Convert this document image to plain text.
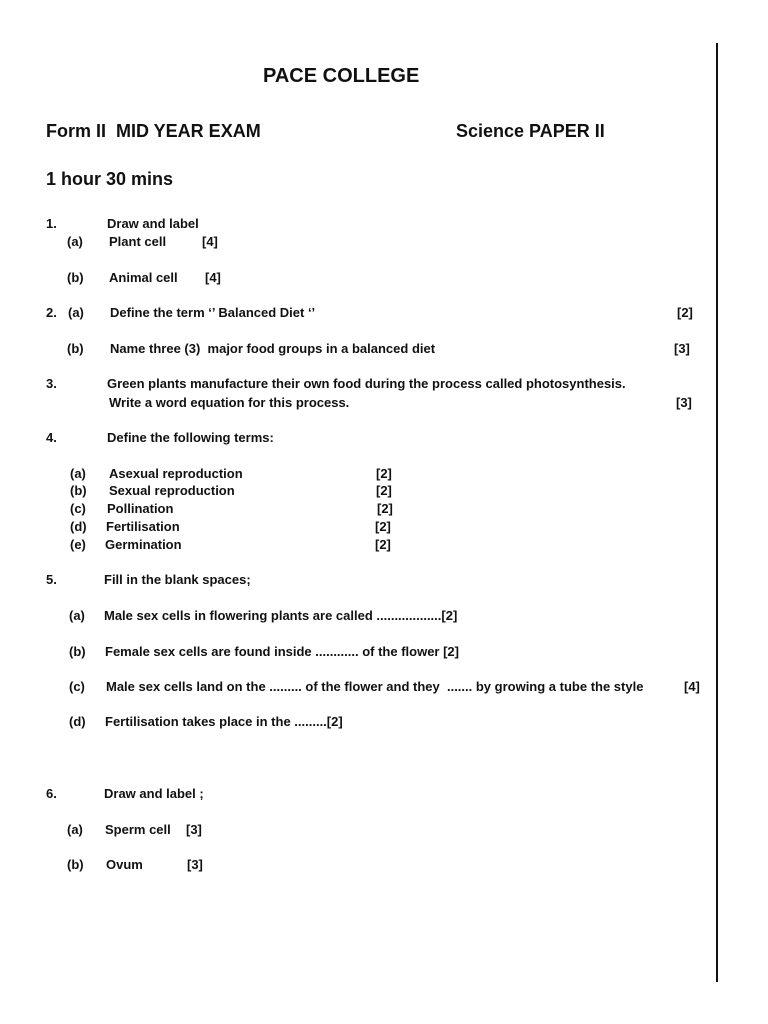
PACE COLLEGE
Form II  MID YEAR EXAM	Science PAPER II
1 hour 30 mins
1.	Draw and label
(a) Plant cell	[4]
(b) Animal cell [4]
2. (a) Define the term ‘’ Balanced Diet ‘’	[2]
(b) Name three (3)  major food groups in a balanced diet	[3]
3.	Green plants manufacture their own food during the process called photosynthesis.
Write a word equation for this process.	[3]
4.	Define the following terms:
(a) Asexual reproduction	[2]
(b) Sexual reproduction	[2]
(c) Pollination	[2]
(d) Fertilisation	[2]
(e) Germination	[2]
5.	Fill in the blank spaces;
(a) Male sex cells in flowering plants are called ..................[2]
(b) Female sex cells are found inside ............ of the flower [2]
(c) Male sex cells land on the ......... of the flower and they  ....... by growing a tube the style	[4]
(d) Fertilisation takes place in the .........[2]
6.	Draw and label ;
(a) Sperm cell [3]
(b) Ovum	[3]
